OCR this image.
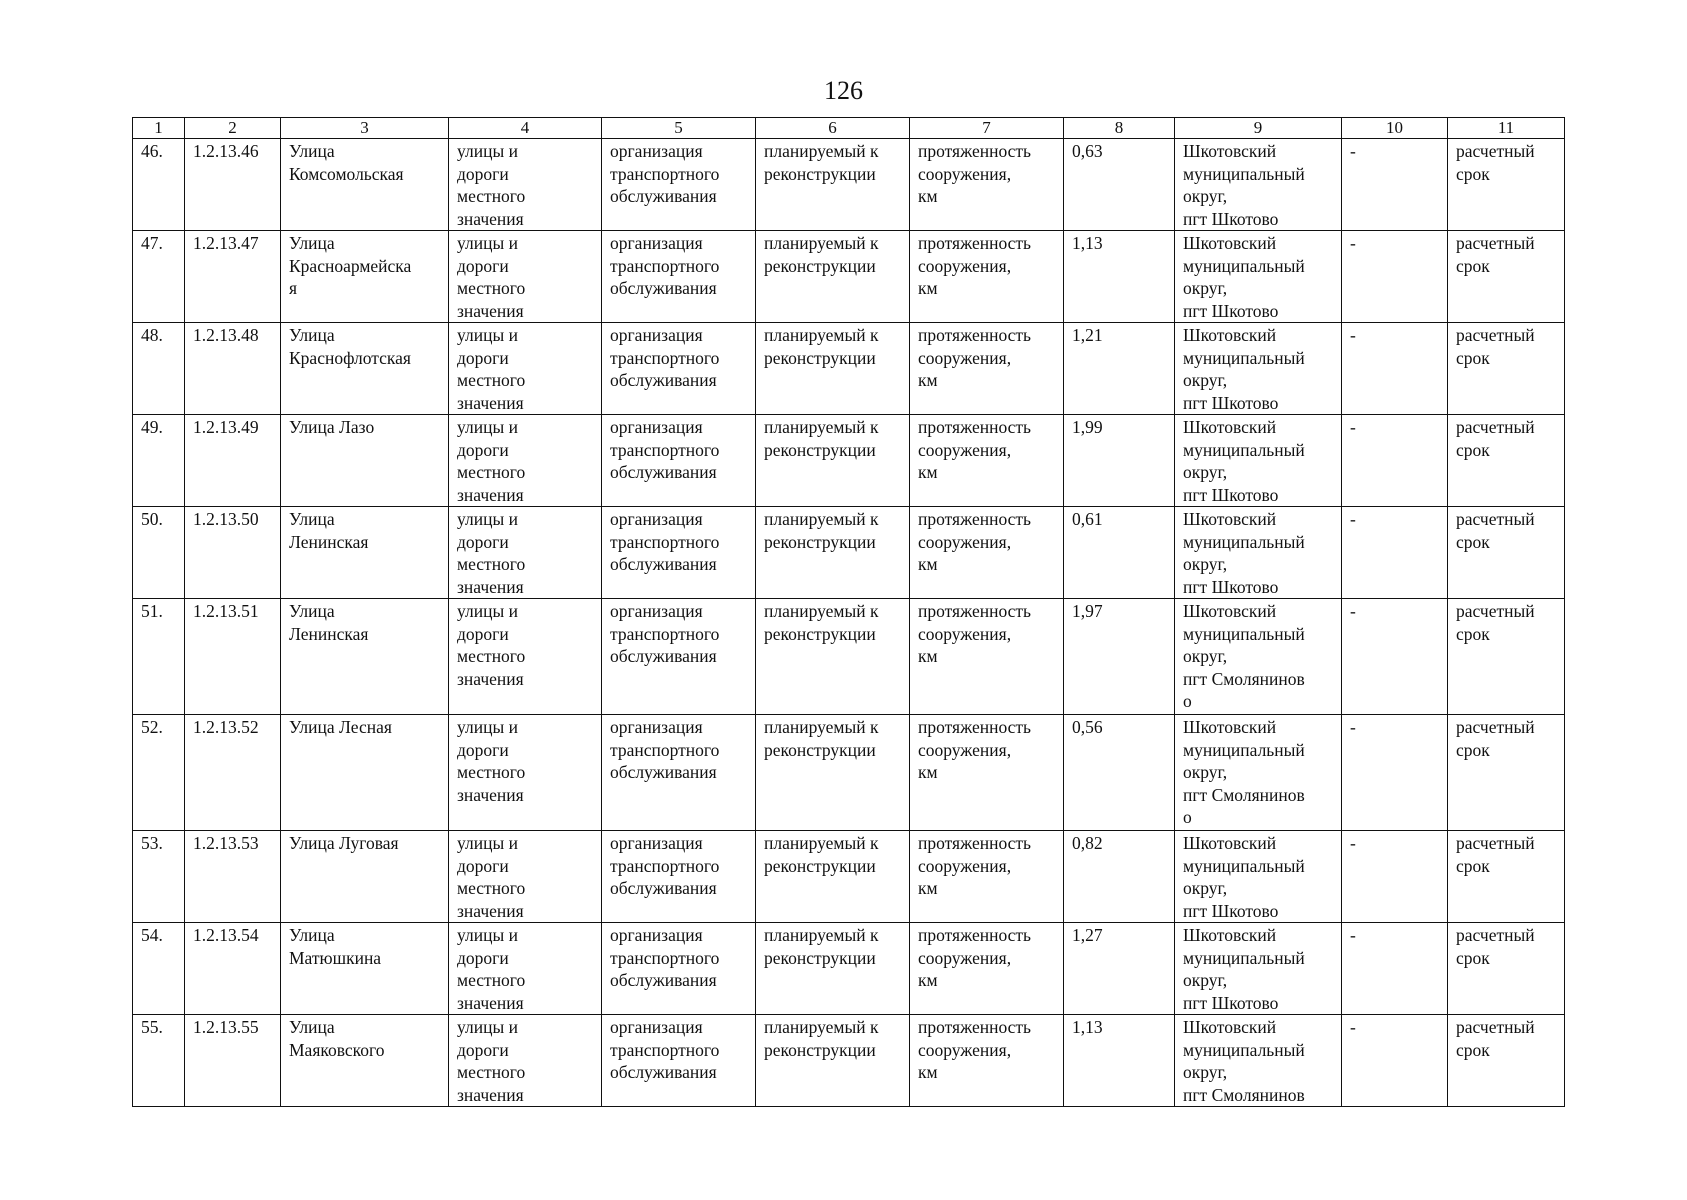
126
1	2	3	4	5	6	7	8	9	10	11
46.	1.2.13.46	Улица
Комсомольская	улицы и
дороги
местного
значения	организация
транспортного
обслуживания	планируемый к
реконструкции	протяженность
сооружения,
км	0,63	Шкотовский
муниципальный
округ,
пгт Шкотово	-	расчетный
срок
47.	1.2.13.47	Улица
Красноармейска
я	улицы и
дороги
местного
значения	организация
транспортного
обслуживания	планируемый к
реконструкции	протяженность
сооружения,
км	1,13	Шкотовский
муниципальный
округ,
пгт Шкотово	-	расчетный
срок
48.	1.2.13.48	Улица
Краснофлотская	улицы и
дороги
местного
значения	организация
транспортного
обслуживания	планируемый к
реконструкции	протяженность
сооружения,
км	1,21	Шкотовский
муниципальный
округ,
пгт Шкотово	-	расчетный
срок
49.	1.2.13.49	Улица Лазо	улицы и
дороги
местного
значения	организация
транспортного
обслуживания	планируемый к
реконструкции	протяженность
сооружения,
км	1,99	Шкотовский
муниципальный
округ,
пгт Шкотово	-	расчетный
срок
50.	1.2.13.50	Улица
Ленинская	улицы и
дороги
местного
значения	организация
транспортного
обслуживания	планируемый к
реконструкции	протяженность
сооружения,
км	0,61	Шкотовский
муниципальный
округ,
пгт Шкотово	-	расчетный
срок
51.	1.2.13.51	Улица
Ленинская	улицы и
дороги
местного
значения	организация
транспортного
обслуживания	планируемый к
реконструкции	протяженность
сооружения,
км	1,97	Шкотовский
муниципальный
округ,
пгт Смолянинов
о	-	расчетный
срок
52.	1.2.13.52	Улица Лесная	улицы и
дороги
местного
значения	организация
транспортного
обслуживания	планируемый к
реконструкции	протяженность
сооружения,
км	0,56	Шкотовский
муниципальный
округ,
пгт Смолянинов
о	-	расчетный
срок
53.	1.2.13.53	Улица Луговая	улицы и
дороги
местного
значения	организация
транспортного
обслуживания	планируемый к
реконструкции	протяженность
сооружения,
км	0,82	Шкотовский
муниципальный
округ,
пгт Шкотово	-	расчетный
срок
54.	1.2.13.54	Улица
Матюшкина	улицы и
дороги
местного
значения	организация
транспортного
обслуживания	планируемый к
реконструкции	протяженность
сооружения,
км	1,27	Шкотовский
муниципальный
округ,
пгт Шкотово	-	расчетный
срок
55.	1.2.13.55	Улица
Маяковского	улицы и
дороги
местного
значения	организация
транспортного
обслуживания	планируемый к
реконструкции	протяженность
сооружения,
км	1,13	Шкотовский
муниципальный
округ,
пгт Смолянинов	-	расчетный
срок
